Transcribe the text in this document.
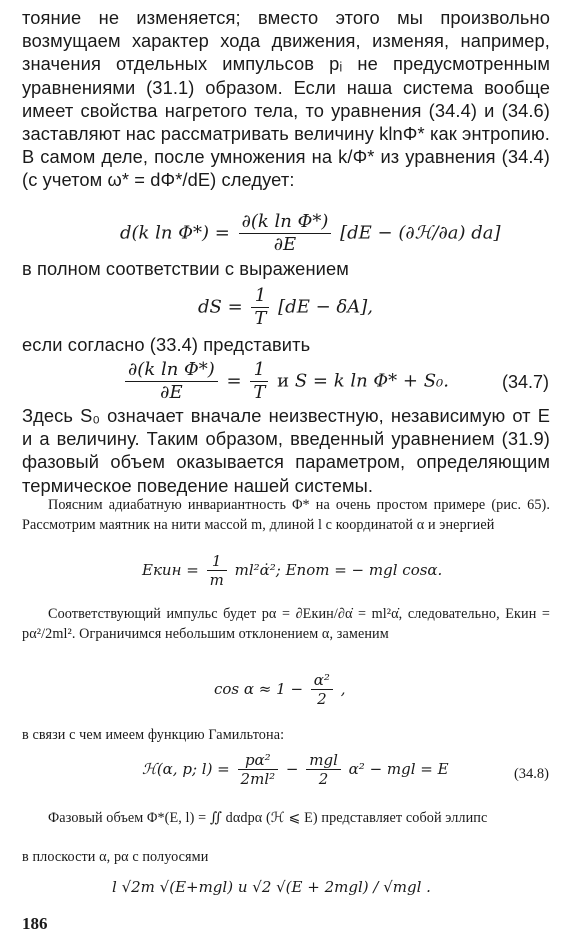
тояние не изменяется; вместо этого мы произвольно возмущаем характер хода движения, изменяя, например, значения отдельных импульсов pᵢ не предусмотренным уравнениями (31.1) образом. Если наша система вообще имеет свойства нагретого тела, то уравнения (34.4) и (34.6) заставляют нас рассматривать величину klnΦ* как энтропию. В самом деле, после умножения на k/Φ* из уравнения (34.4) (с учетом ω* = dΦ*/dE) следует:
d(k $\ln \Phi*) = \frac{\text{∂(k ln Φ*)}}{\partial E} [dE$ − (∂ℋ/∂a) da]
в полном соответствии с выражением
dS = $\frac{1}{T} [dE - \delta A]$,
если согласно (33.4) представить
$\frac{\text{∂(k ln Φ*)}}{\partial E} = \frac{1}{T}$ и S = k ln Φ* + S₀.	(34.7)
Здесь S₀ означает вначале неизвестную, независимую от E и a величину. Таким образом, введенный уравнением (31.9) фазовый объем оказывается параметром, определяющим термическое поведение нашей системы.
Поясним адиабатную инвариантность Φ* на очень простом примере (рис. 65). Рассмотрим маятник на нити массой m, длиной l с координатой α и энергией
Eкин = $\frac{1}{m}$ ml²α̇²; Eпот = − mgl cosα.
Соответствующий импульс будет pα = ∂Eкин/∂α̇ = ml²α̇, следовательно, Eкин = pα²/2ml². Ограничимся небольшим отклонением α, заменим
$\cos \alpha \approx 1 - \frac{\text{α²}}{2}$ ,
в связи с чем имеем функцию Гамильтона:
ℋ(α, p; $l) = \frac{\text{pα²}}{\text{2ml²}} - \frac{\text{mgl}}{2} \alpha^2$ − mgl = E	(34.8)
Фазовый объем Φ*(E, l) = ∬ dαdpα (ℋ ⩽ E) представляет собой эллипс
в плоскости α, pα с полуосями
l √2m √(E+mgl) и √2 √(E + 2mgl) / √mgl .
186
